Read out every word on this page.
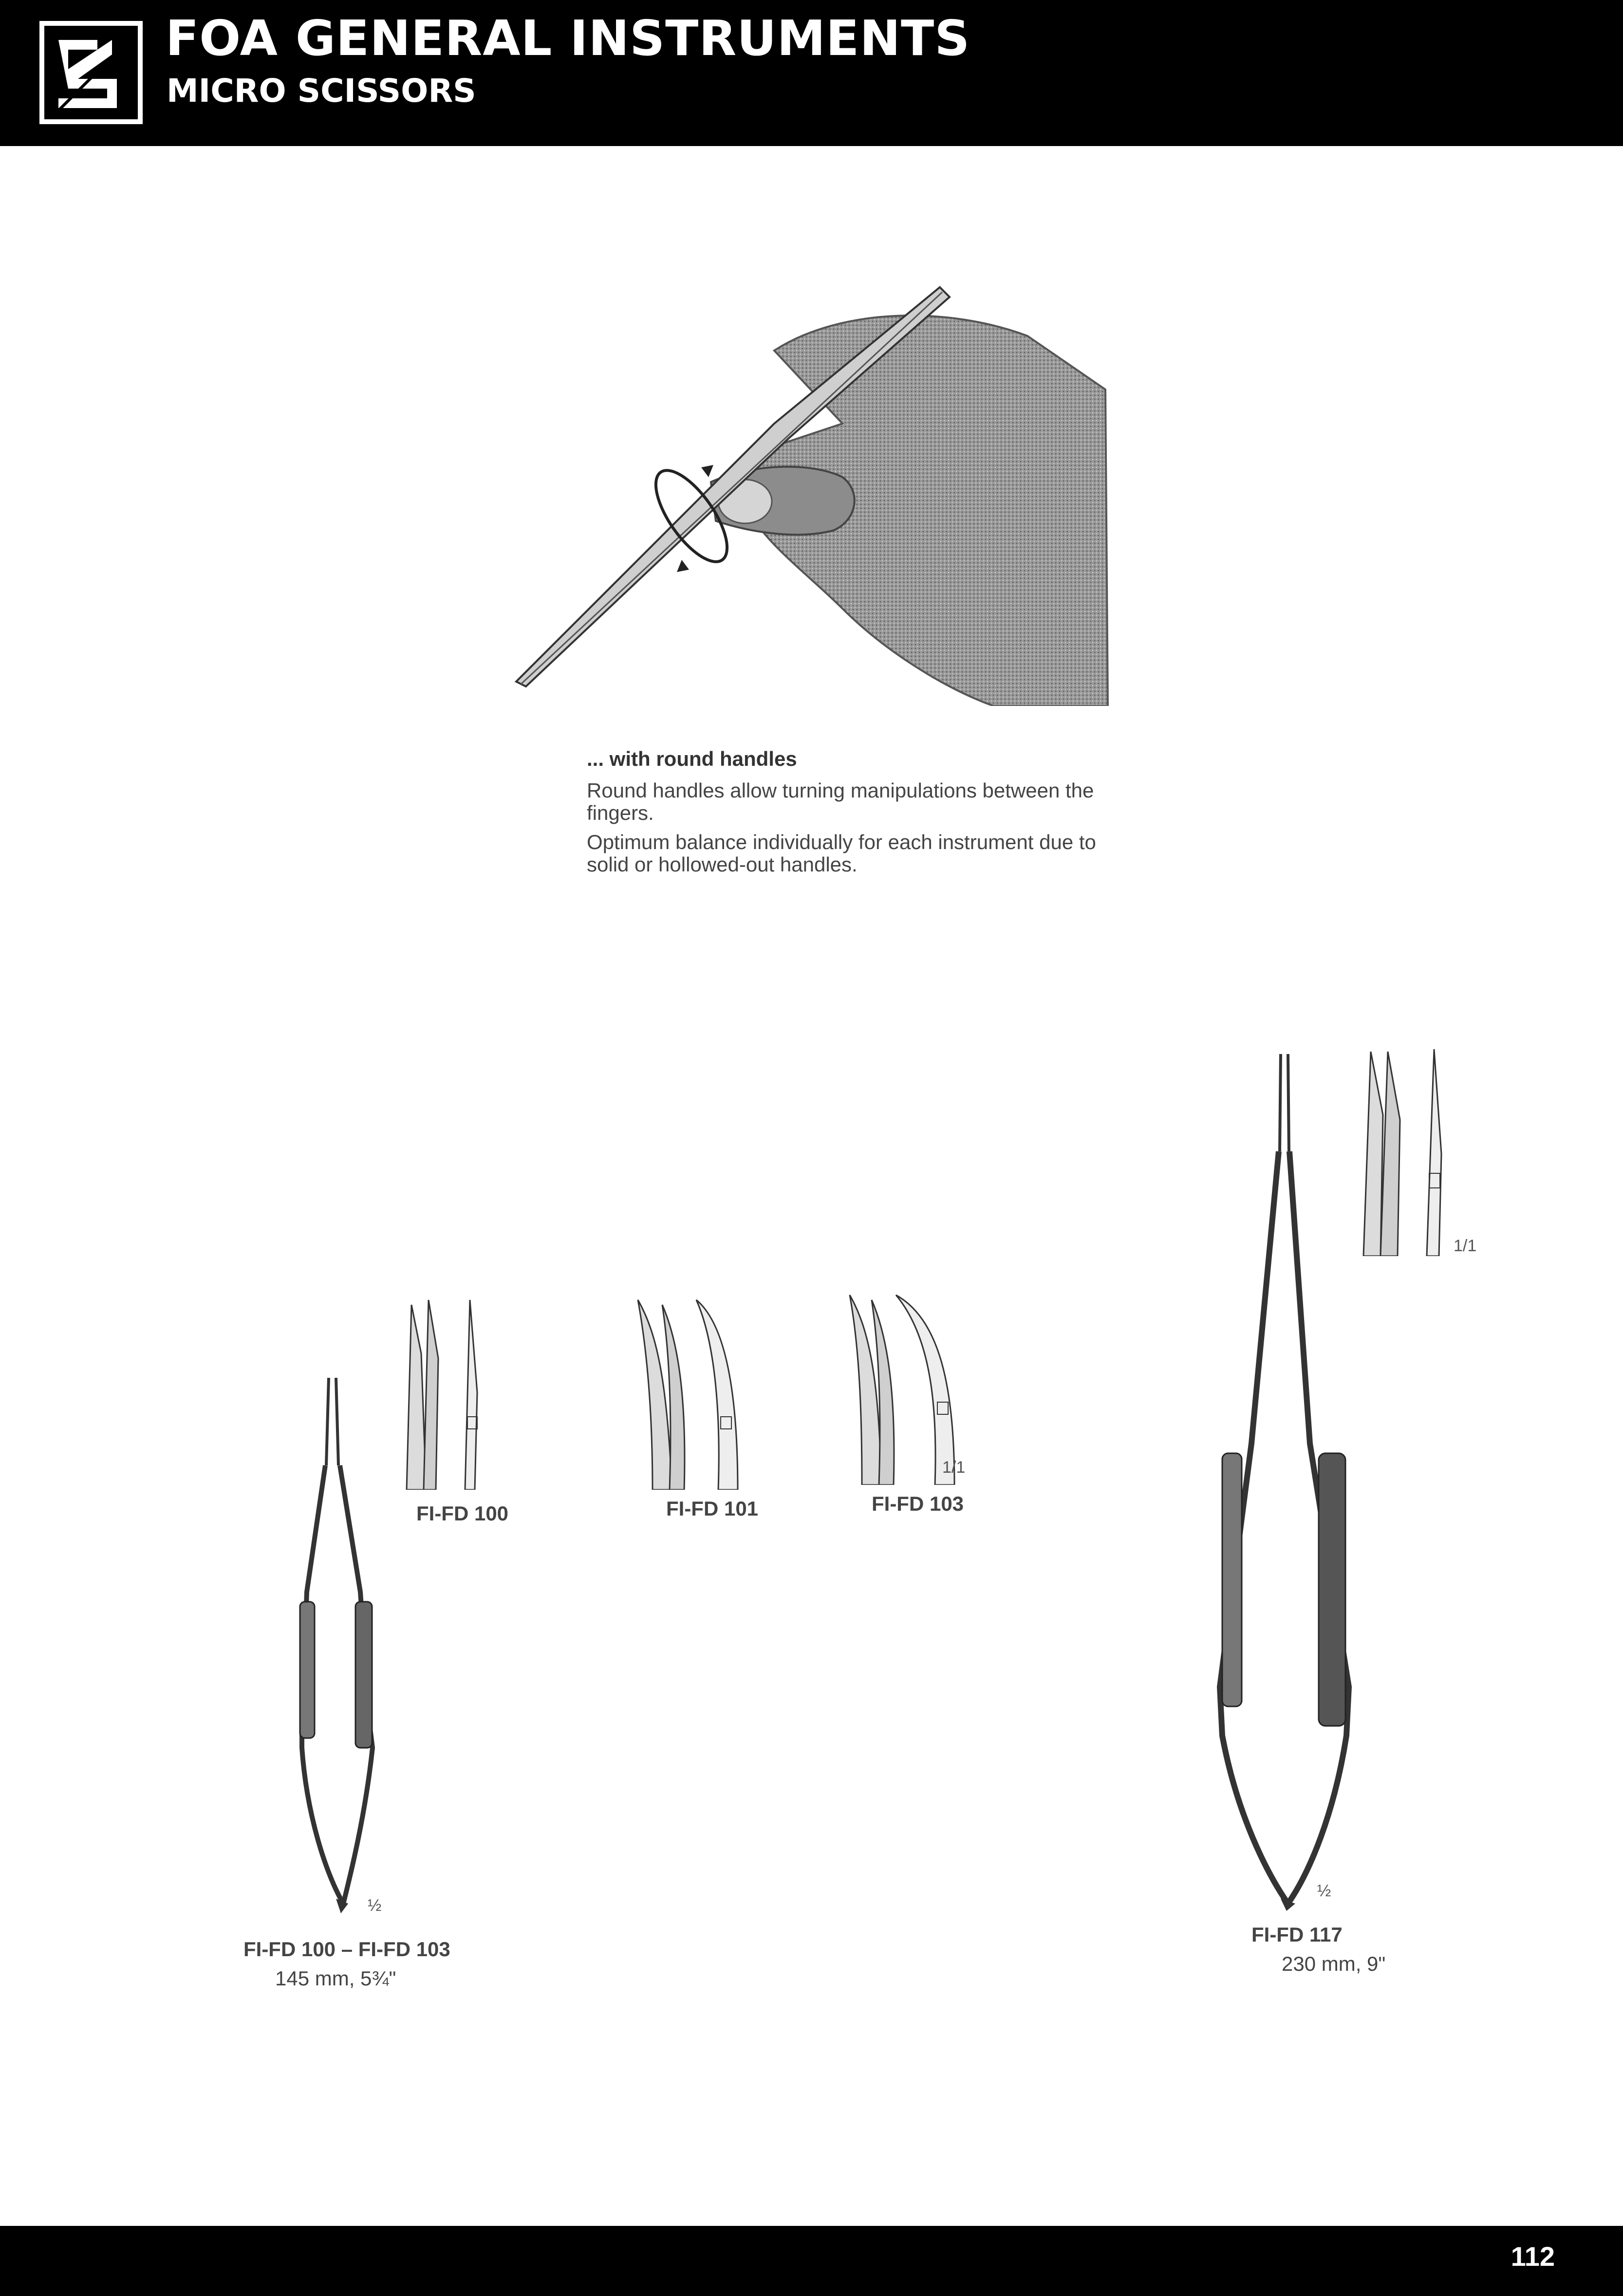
FOA GENERAL INSTRUMENTS
MICRO SCISSORS
... with round handles
Round handles allow turning manipulations between the fingers.
Optimum balance individually for each instrument due to solid or hollowed-out handles.
FI-FD 100	FI-FD 101
1/1
FI-FD 103
½
FI-FD 100 – FI-FD 103
145 mm, 5¾"
1/1
½
FI-FD 117
230 mm, 9"
112
